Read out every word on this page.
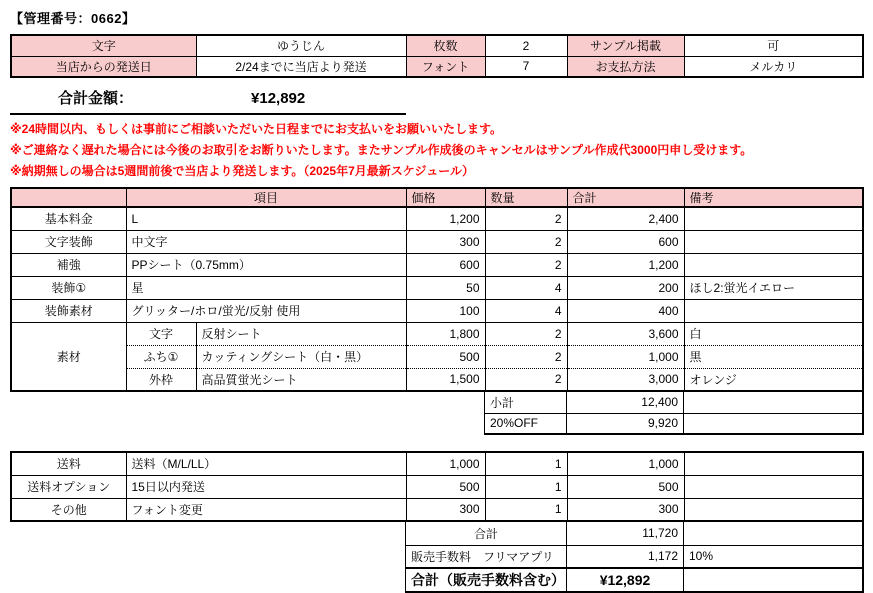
【管理番号：0662】
文字	ゆうじん	枚数	2	サンプル掲載	可
当店からの発送日	2/24までに当店より発送	フォント	7	お支払方法	メルカリ
合計金額：	¥12,892
※24時間以内、もしくは事前にご相談いただいた日程までにお支払いをお願いいたします。
※ご連絡なく遅れた場合には今後のお取引をお断りいたします。またサンプル作成後のキャンセルはサンプル作成代3000円申し受けます。
※納期無しの場合は5週間前後で当店より発送します。（2025年7月最新スケジュール）
	項目		価格	数量	合計	備考
基本料金	L		1,200	2	2,400	
文字装飾	中文字		300	2	600	
補強	PPシート（0.75mm）		600	2	1,200	
装飾①	星		50	4	200	ほし2:蛍光イエロー
装飾素材	グリッター/ホロ/蛍光/反射 使用		100	4	400	
素材	文字	反射シート	1,800	2	3,600	白
	ふち①	カッティングシート（白・黒）	500	2	1,000	黒
	外枠	高品質蛍光シート	1,500	2	3,000	オレンジ
小計	12,400	
20%OFF	9,920	
送料	送料（M/L/LL）	1,000	1	1,000	
送料オプション	15日以内発送	500	1	500	
その他	フォント変更	300	1	300	
合計	11,720	
販売手数料　フリマアプリ	1,172	10%
合計（販売手数料含む）	¥12,892	
